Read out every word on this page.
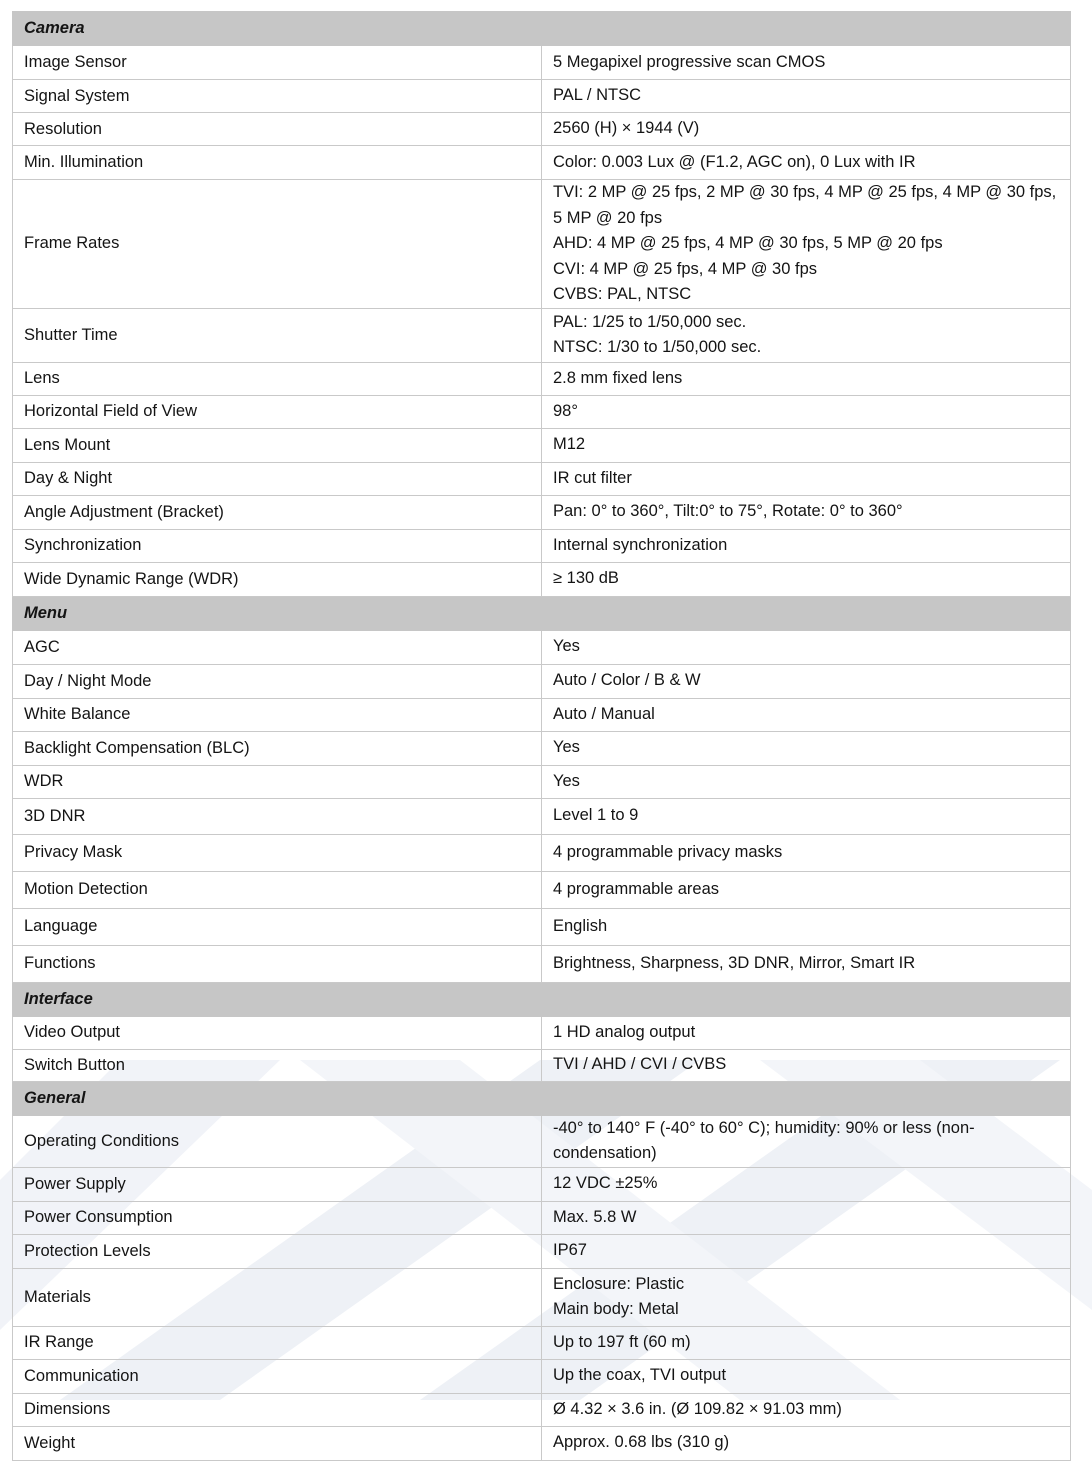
Camera	
Image Sensor	5 Megapixel progressive scan CMOS

Signal System	PAL / NTSC

Resolution	2560 (H) × 1944 (V)

Min. Illumination	Color: 0.003 Lux @ (F1.2, AGC on), 0 Lux with IR

Frame Rates	TVI: 2 MP @ 25 fps, 2 MP @ 30 fps, 4 MP @ 25 fps, 4 MP @ 30 fps, 5 MP @ 20 fps
AHD: 4 MP @ 25 fps, 4 MP @ 30 fps, 5 MP @ 20 fps
CVI: 4 MP @ 25 fps, 4 MP @ 30 fps
CVBS: PAL, NTSC

Shutter Time	PAL: 1/25 to 1/50,000 sec.
NTSC: 1/30 to 1/50,000 sec.

Lens	2.8 mm fixed lens

Horizontal Field of View	98°

Lens Mount	M12

Day & Night	IR cut filter

Angle Adjustment (Bracket)	Pan: 0° to 360°, Tilt:0° to 75°, Rotate: 0° to 360°

Synchronization	Internal synchronization

Wide Dynamic Range (WDR)	≥ 130 dB

Menu	
AGC	Yes

Day / Night Mode	Auto / Color / B & W

White Balance	Auto / Manual

Backlight Compensation (BLC)	Yes

WDR	Yes

3D DNR	Level 1 to 9

Privacy Mask	4 programmable privacy masks

Motion Detection	4 programmable areas

Language	English

Functions	Brightness, Sharpness, 3D DNR, Mirror, Smart IR

Interface	
Video Output	1 HD analog output

Switch Button	TVI / AHD / CVI / CVBS

General	
Operating Conditions	-40° to 140° F (-40° to 60° C); humidity: 90% or less (non-condensation)

Power Supply	12 VDC ±25%

Power Consumption	Max. 5.8 W

Protection Levels	IP67

Materials	Enclosure: Plastic
Main body: Metal

IR Range	Up to 197 ft (60 m)

Communication	Up the coax, TVI output

Dimensions	Ø 4.32 × 3.6 in. (Ø 109.82 × 91.03 mm)

Weight	Approx. 0.68 lbs (310 g)
